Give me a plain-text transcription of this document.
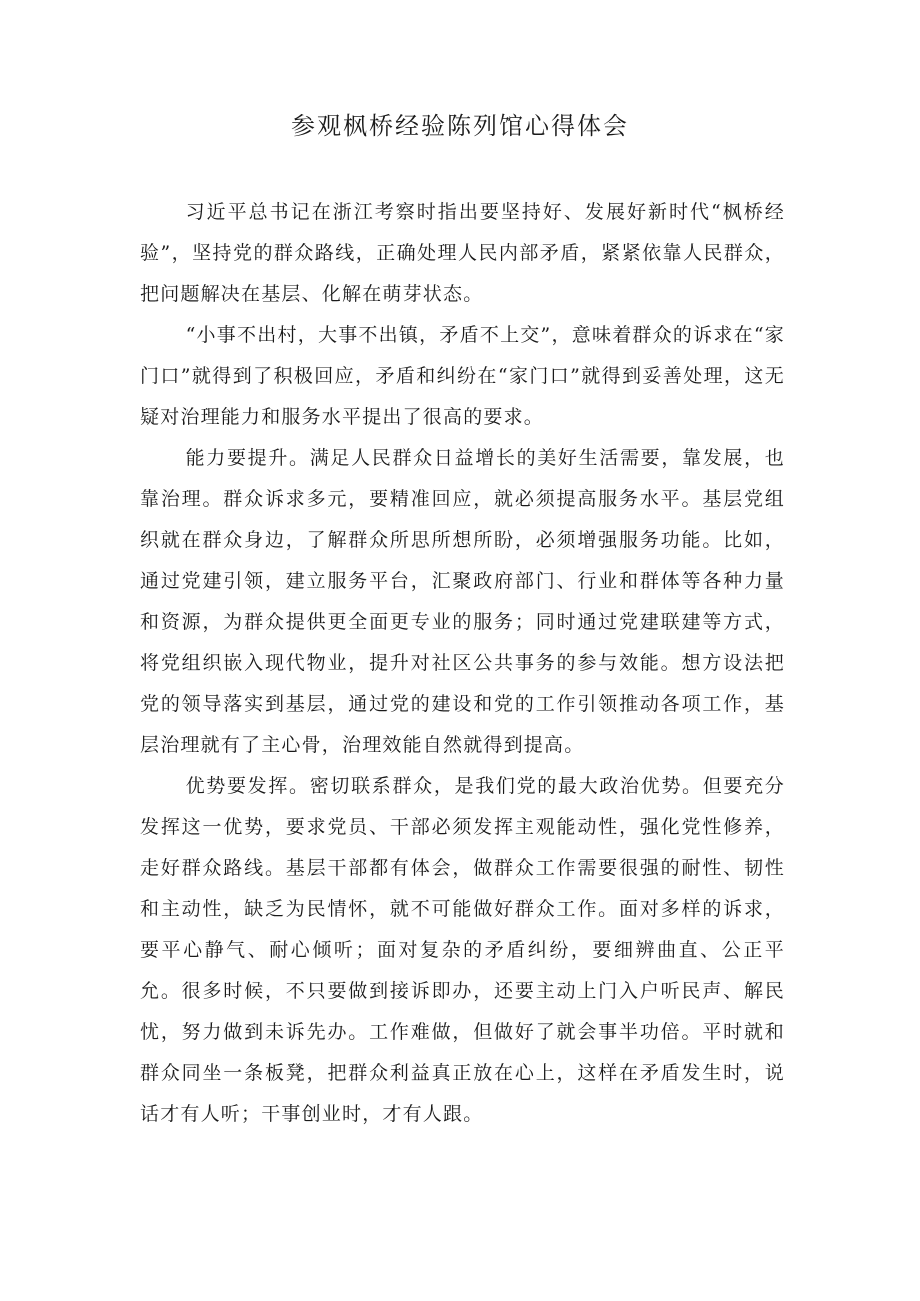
参观枫桥经验陈列馆心得体会

习近平总书记在浙江考察时指出要坚持好、发展好新时代“枫桥经验”，坚持党的群众路线，正确处理人民内部矛盾，紧紧依靠人民群众，把问题解决在基层、化解在萌芽状态。

“小事不出村，大事不出镇，矛盾不上交”，意味着群众的诉求在“家门口”就得到了积极回应，矛盾和纠纷在“家门口”就得到妥善处理，这无疑对治理能力和服务水平提出了很高的要求。

能力要提升。满足人民群众日益增长的美好生活需要，靠发展，也靠治理。群众诉求多元，要精准回应，就必须提高服务水平。基层党组织就在群众身边，了解群众所思所想所盼，必须增强服务功能。比如，通过党建引领，建立服务平台，汇聚政府部门、行业和群体等各种力量和资源，为群众提供更全面更专业的服务；同时通过党建联建等方式，将党组织嵌入现代物业，提升对社区公共事务的参与效能。想方设法把党的领导落实到基层，通过党的建设和党的工作引领推动各项工作，基层治理就有了主心骨，治理效能自然就得到提高。

优势要发挥。密切联系群众，是我们党的最大政治优势。但要充分发挥这一优势，要求党员、干部必须发挥主观能动性，强化党性修养，走好群众路线。基层干部都有体会，做群众工作需要很强的耐性、韧性和主动性，缺乏为民情怀，就不可能做好群众工作。面对多样的诉求，要平心静气、耐心倾听；面对复杂的矛盾纠纷，要细辨曲直、公正平允。很多时候，不只要做到接诉即办，还要主动上门入户听民声、解民忧，努力做到未诉先办。工作难做，但做好了就会事半功倍。平时就和群众同坐一条板凳，把群众利益真正放在心上，这样在矛盾发生时，说话才有人听；干事创业时，才有人跟。
